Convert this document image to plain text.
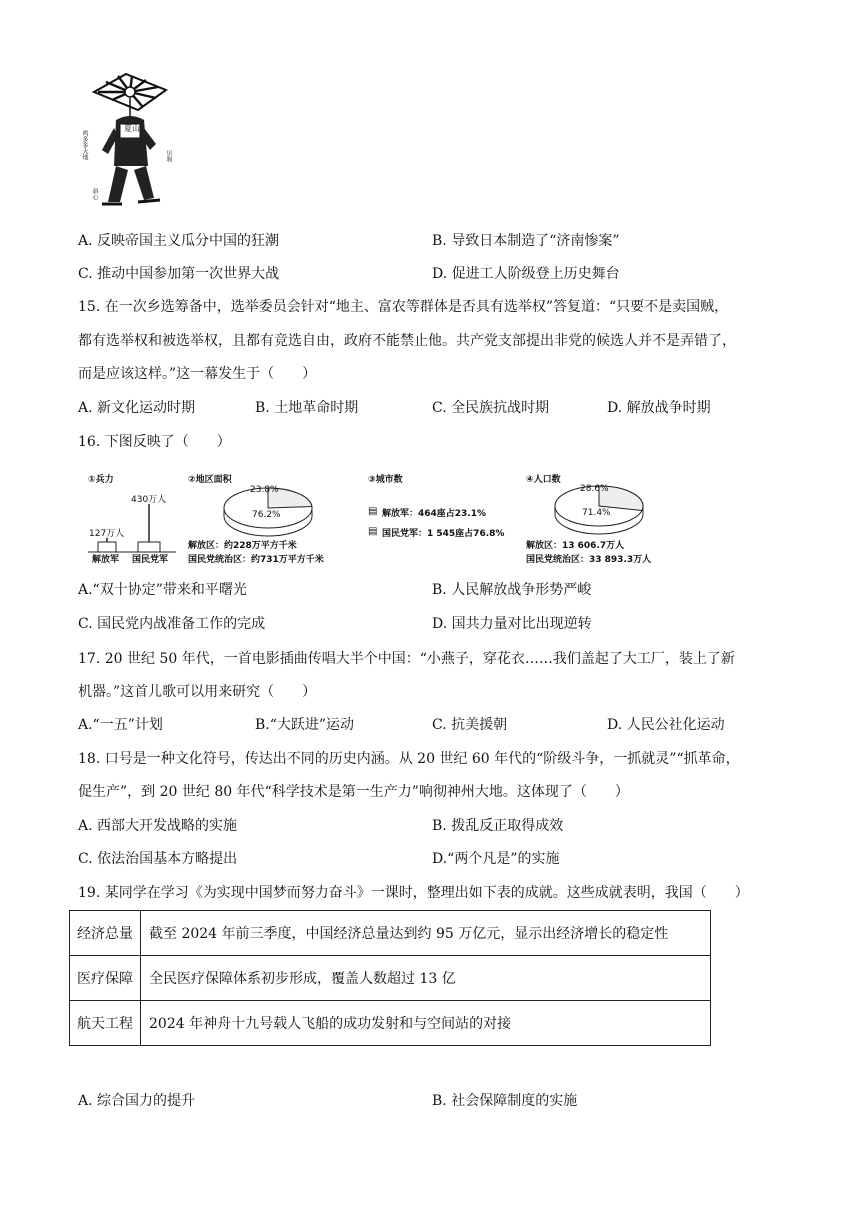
夏山
贝驹
鸣多多大地
斜心
A. 反映帝国主义瓜分中国的狂潮	B. 导致日本制造了“济南惨案”
C. 推动中国参加第一次世界大战	D. 促进工人阶级登上历史舞台
15. 在一次乡选筹备中，选举委员会针对“地主、富农等群体是否具有选举权”答复道：“只要不是卖国贼，
都有选举权和被选举权，且都有竞选自由，政府不能禁止他。共产党支部提出非党的候选人并不是弄错了，
而是应该这样。”这一幕发生于（　　）
A. 新文化运动时期	B. 土地革命时期	C. 全民族抗战时期	D. 解放战争时期
16. 下图反映了（　　）
①兵力
127万人
430万人
解放军 国民党军
②地区面积
23.8%
76.2%
解放区：约228万平方千米
国民党统治区：约731万平方千米
③城市数
▤ 解放军：464座占23.1%
▤ 国民党军：1 545座占76.8%
④人口数
28.6%
71.4%
解放区：13 606.7万人
国民党统治区：33 893.3万人
A.“双十协定”带来和平曙光	B. 人民解放战争形势严峻
C. 国民党内战准备工作的完成	D. 国共力量对比出现逆转
17. 20 世纪 50 年代，一首电影插曲传唱大半个中国：“小燕子，穿花衣……我们盖起了大工厂，装上了新
机器。”这首儿歌可以用来研究（　　）
A.“一五”计划	B.“大跃进”运动	C. 抗美援朝	D. 人民公社化运动
18. 口号是一种文化符号，传达出不同的历史内涵。从 20 世纪 60 年代的“阶级斗争，一抓就灵”“抓革命，
促生产”，到 20 世纪 80 年代“科学技术是第一生产力”响彻神州大地。这体现了（　　）
A. 西部大开发战略的实施	B. 拨乱反正取得成效
C. 依法治国基本方略提出	D.“两个凡是”的实施
19. 某同学在学习《为实现中国梦而努力奋斗》一课时，整理出如下表的成就。这些成就表明，我国（　　）
经济总量	截至 2024 年前三季度，中国经济总量达到约 95 万亿元，显示出经济增长的稳定性
医疗保障	全民医疗保障体系初步形成，覆盖人数超过 13 亿
航天工程	2024 年神舟十九号载人飞船的成功发射和与空间站的对接
A. 综合国力的提升	B. 社会保障制度的实施
